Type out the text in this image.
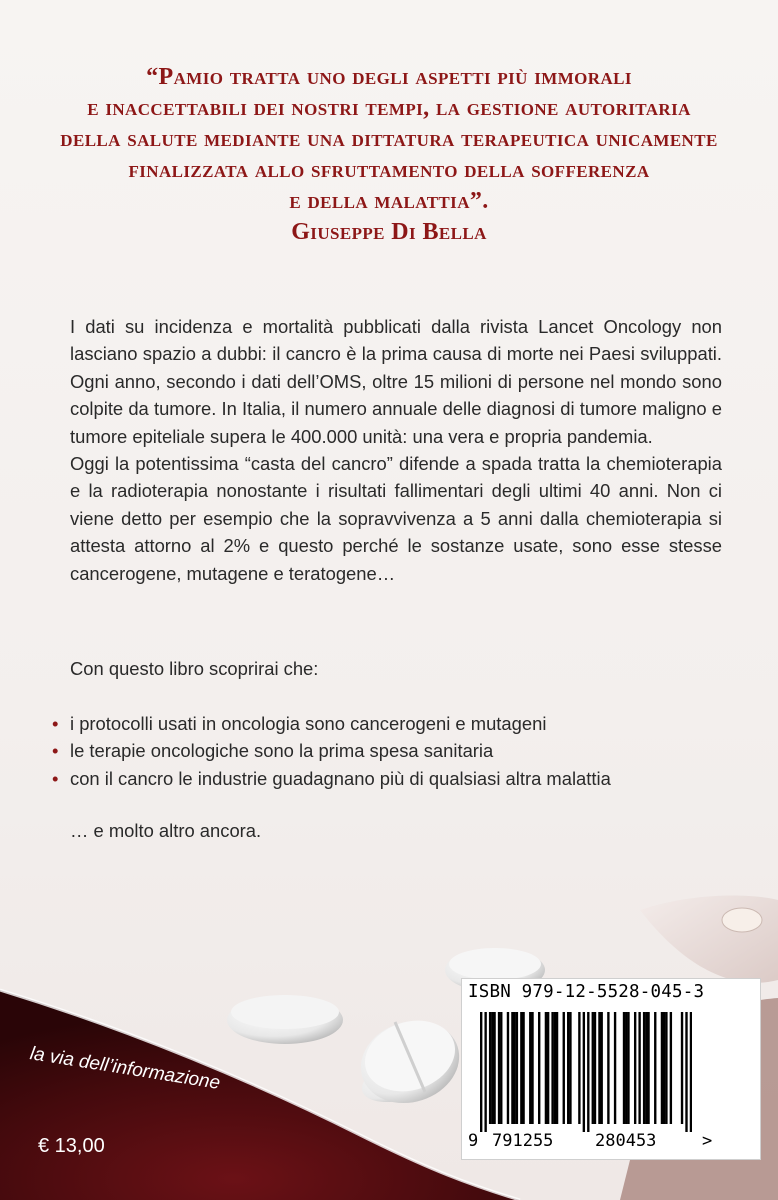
“Pamio tratta uno degli aspetti più immorali
e inaccettabili dei nostri tempi, la gestione autoritaria
della salute mediante una dittatura terapeutica unicamente
finalizzata allo sfruttamento della sofferenza
e della malattia”.
Giuseppe Di Bella

I dati su incidenza e mortalità pubblicati dalla rivista Lancet Oncology non lasciano spazio a dubbi: il cancro è la prima causa di morte nei Paesi sviluppati. Ogni anno, secondo i dati dell’OMS, oltre 15 milioni di persone nel mondo sono colpite da tumore. In Italia, il numero annuale delle diagnosi di tumore maligno e tumore epiteliale supera le 400.000 unità: una vera e propria pandemia.

Oggi la potentissima “casta del cancro” difende a spada tratta la chemioterapia e la radioterapia nonostante i risultati fallimentari degli ultimi 40 anni. Non ci viene detto per esempio che la sopravvivenza a 5 anni dalla chemioterapia si attesta attorno al 2% e questo perché le sostanze usate, sono esse stesse cancerogene, mutagene e teratogene…

Con questo libro scoprirai che:
• i protocolli usati in oncologia sono cancerogeni e mutageni
• le terapie oncologiche sono la prima spesa sanitaria
• con il cancro le industrie guadagnano più di qualsiasi altra malattia
… e molto altro ancora.
la via dell’informazione
€ 13,00
ISBN 979-12-5528-045-3
9 791255 280453	>
